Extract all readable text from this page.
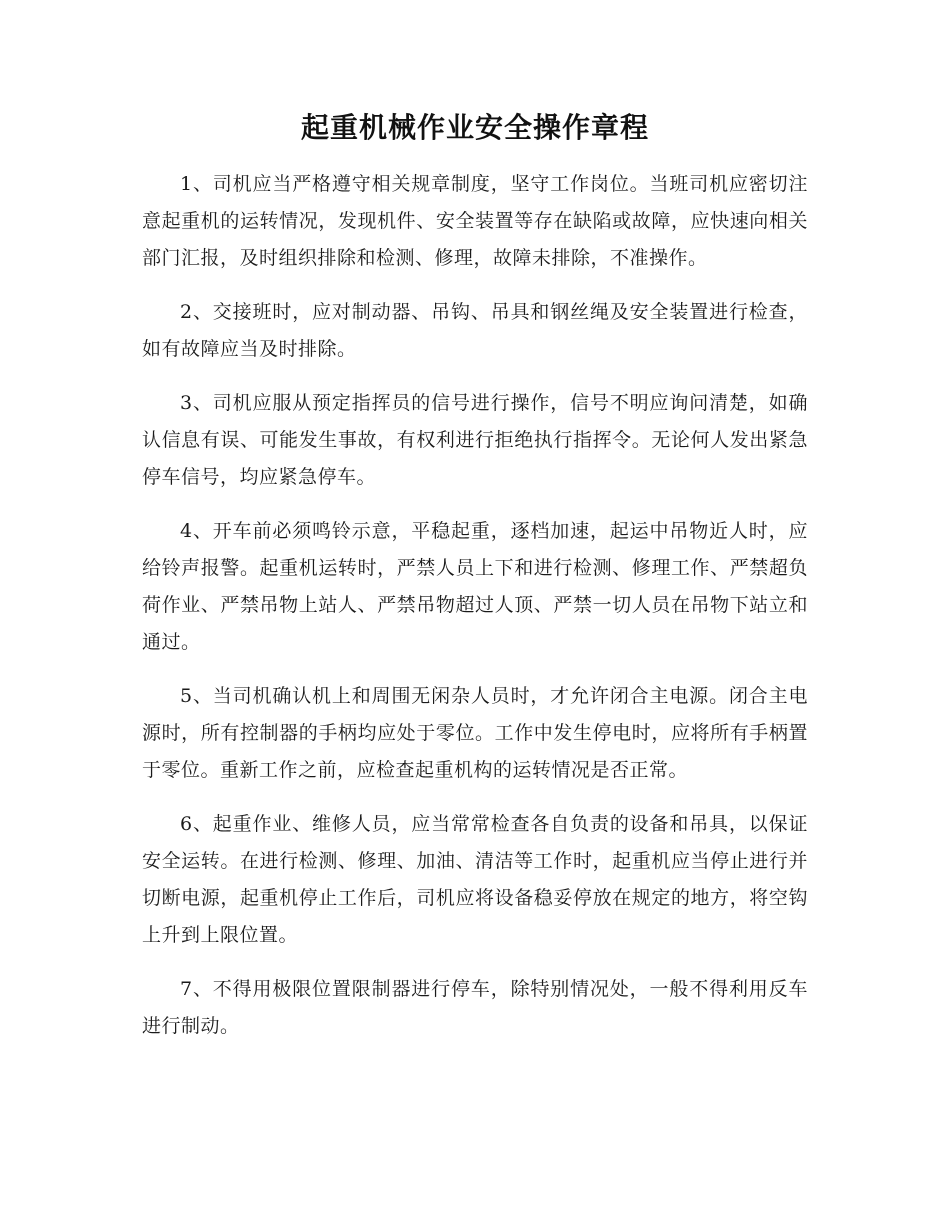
起重机械作业安全操作章程

1、司机应当严格遵守相关规章制度，坚守工作岗位。当班司机应密切注意起重机的运转情况，发现机件、安全装置等存在缺陷或故障，应快速向相关部门汇报，及时组织排除和检测、修理，故障未排除，不准操作。

2、交接班时，应对制动器、吊钩、吊具和钢丝绳及安全装置进行检查，如有故障应当及时排除。

3、司机应服从预定指挥员的信号进行操作，信号不明应询问清楚，如确认信息有误、可能发生事故，有权利进行拒绝执行指挥令。无论何人发出紧急停车信号，均应紧急停车。

4、开车前必须鸣铃示意，平稳起重，逐档加速，起运中吊物近人时，应给铃声报警。起重机运转时，严禁人员上下和进行检测、修理工作、严禁超负荷作业、严禁吊物上站人、严禁吊物超过人顶、严禁一切人员在吊物下站立和通过。

5、当司机确认机上和周围无闲杂人员时，才允许闭合主电源。闭合主电源时，所有控制器的手柄均应处于零位。工作中发生停电时，应将所有手柄置于零位。重新工作之前，应检查起重机构的运转情况是否正常。

6、起重作业、维修人员，应当常常检查各自负责的设备和吊具，以保证安全运转。在进行检测、修理、加油、清洁等工作时，起重机应当停止进行并切断电源，起重机停止工作后，司机应将设备稳妥停放在规定的地方，将空钩上升到上限位置。

7、不得用极限位置限制器进行停车，除特别情况处，一般不得利用反车进行制动。
